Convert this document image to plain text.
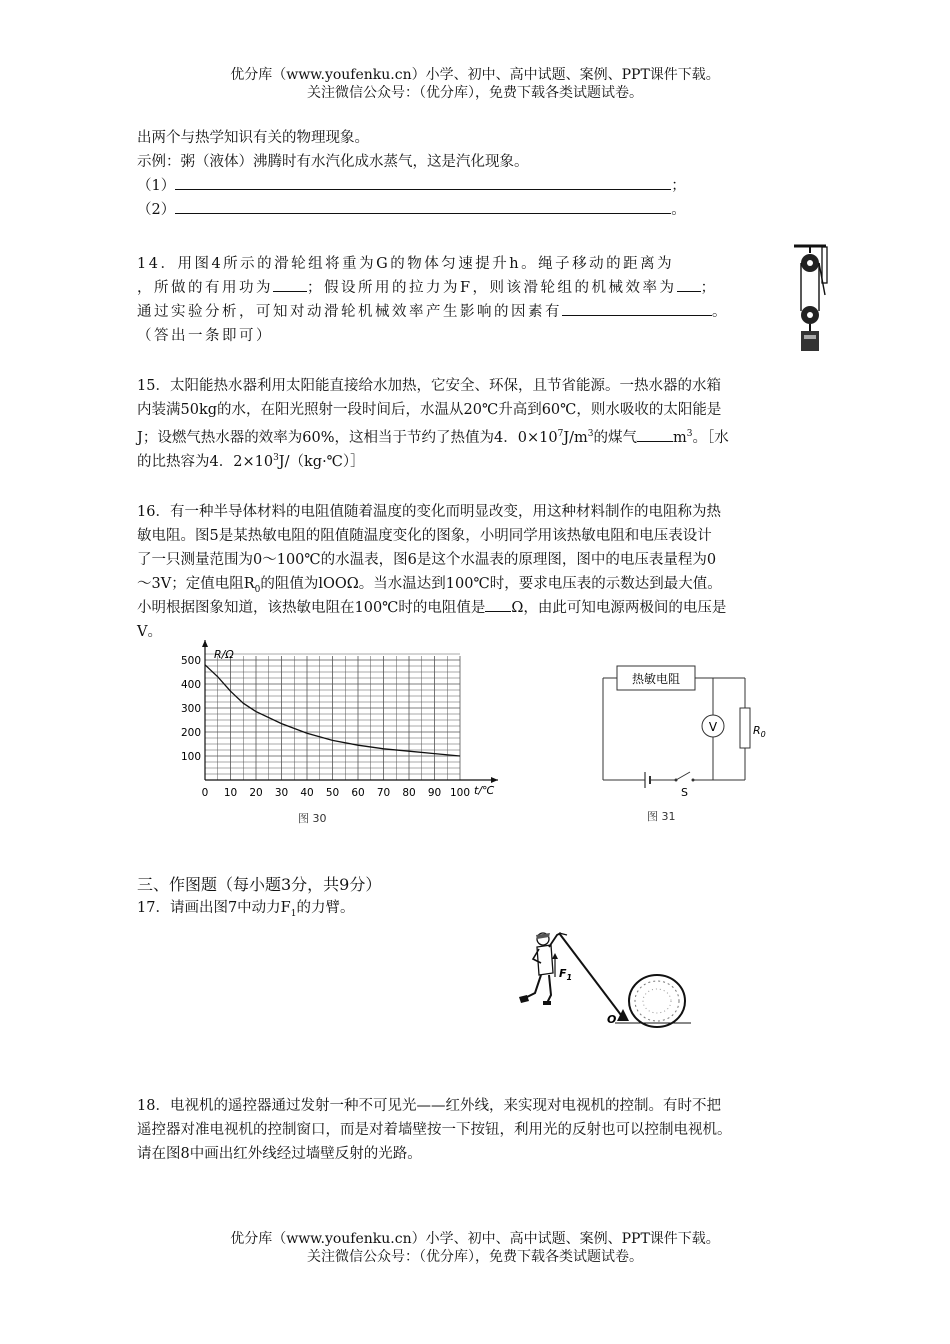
优分库（www.youfenku.cn）小学、初中、高中试题、案例、PPT课件下载。
关注微信公众号：（优分库），免费下载各类试题试卷。
出两个与热学知识有关的物理现象。
示例：粥（液体）沸腾时有水汽化成水蒸气，这是汽化现象。
（1）	；
（2）	。
14．用图4所示的滑轮组将重为G的物体匀速提升h。绳子移动的距离为
，所做的有用功为 ；假设所用的拉力为F，则该滑轮组的机械效率为 ；
通过实验分析，可知对动滑轮机械效率产生影响的因素有	。
（答出一条即可）
15．太阳能热水器利用太阳能直接给水加热，它安全、环保，且节省能源。一热水器的水箱
内装满50kg的水，在阳光照射一段时间后，水温从20℃升高到60℃，则水吸收的太阳能是
J；设燃气热水器的效率为60%，这相当于节约了热值为4．$0\times 10^7J/m^3$的煤气 $m^3$。［水
的比热容为4．$2\times 10^3J/(kg\cdot℃)]$
16．有一种半导体材料的电阻值随着温度的变化而明显改变，用这种材料制作的电阻称为热
敏电阻。图5是某热敏电阻的阻值随温度变化的图象，小明同学用该热敏电阻和电压表设计
了一只测量范围为0～100℃的水温表，图6是这个水温表的原理图，图中的电压表量程为0
～3V；定值电阻$R_0$的阻值为lOOΩ。当水温达到100℃时，要求电压表的示数达到最大值。
小明根据图象知道，该热敏电阻在100℃时的电阻值是 Ω，由此可知电源两极间的电压是
V。
0 10 20 30 40 50 60 70 80 90 100
100
200
300
400
500 R/Ω
t/℃
图 30
热敏电阻
V	$R_0$
S
图 31
三、作图题（每小题3分，共9分）
17．请画出图7中动力$F_1$的力臂。
$F_1$
O
18．电视机的遥控器通过发射一种不可见光——红外线，来实现对电视机的控制。有时不把
遥控器对准电视机的控制窗口，而是对着墙壁按一下按钮，利用光的反射也可以控制电视机。
请在图8中画出红外线经过墙壁反射的光路。
优分库（www.youfenku.cn）小学、初中、高中试题、案例、PPT课件下载。
关注微信公众号：（优分库），免费下载各类试题试卷。
